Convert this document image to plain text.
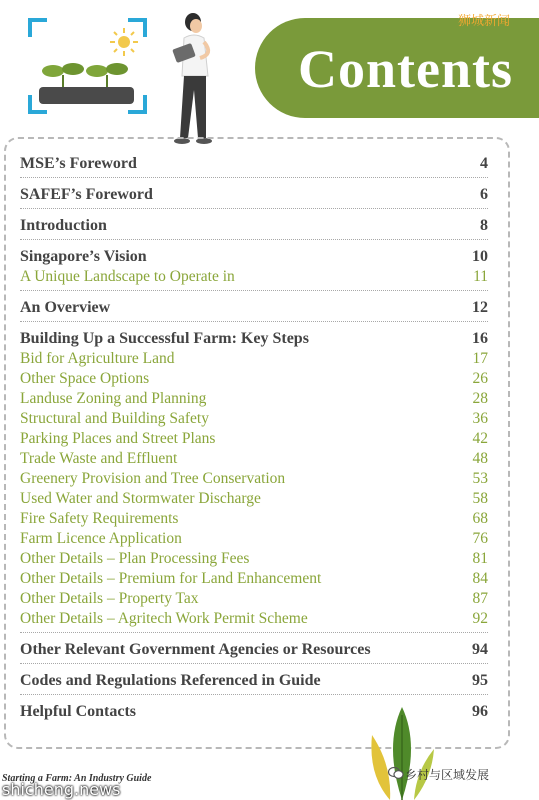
Contents
狮城新闻
MSE’s Foreword	4
SAFEF’s Foreword	6
Introduction	8
Singapore’s Vision	10
A Unique Landscape to Operate in	11
An Overview	12
Building Up a Successful Farm: Key Steps	16
Bid for Agriculture Land	17
Other Space Options	26
Landuse Zoning and Planning	28
Structural and Building Safety	36
Parking Places and Street Plans	42
Trade Waste and Effluent	48
Greenery Provision and Tree Conservation	53
Used Water and Stormwater Discharge	58
Fire Safety Requirements	68
Farm Licence Application	76
Other Details – Plan Processing Fees	81
Other Details – Premium for Land Enhancement	84
Other Details – Property Tax	87
Other Details – Agritech Work Permit Scheme	92
Other Relevant Government Agencies or Resources	94
Codes and Regulations Referenced in Guide	95
Helpful Contacts	96
Starting a Farm: An Industry Guide
shicheng.news
乡村与区域发展
